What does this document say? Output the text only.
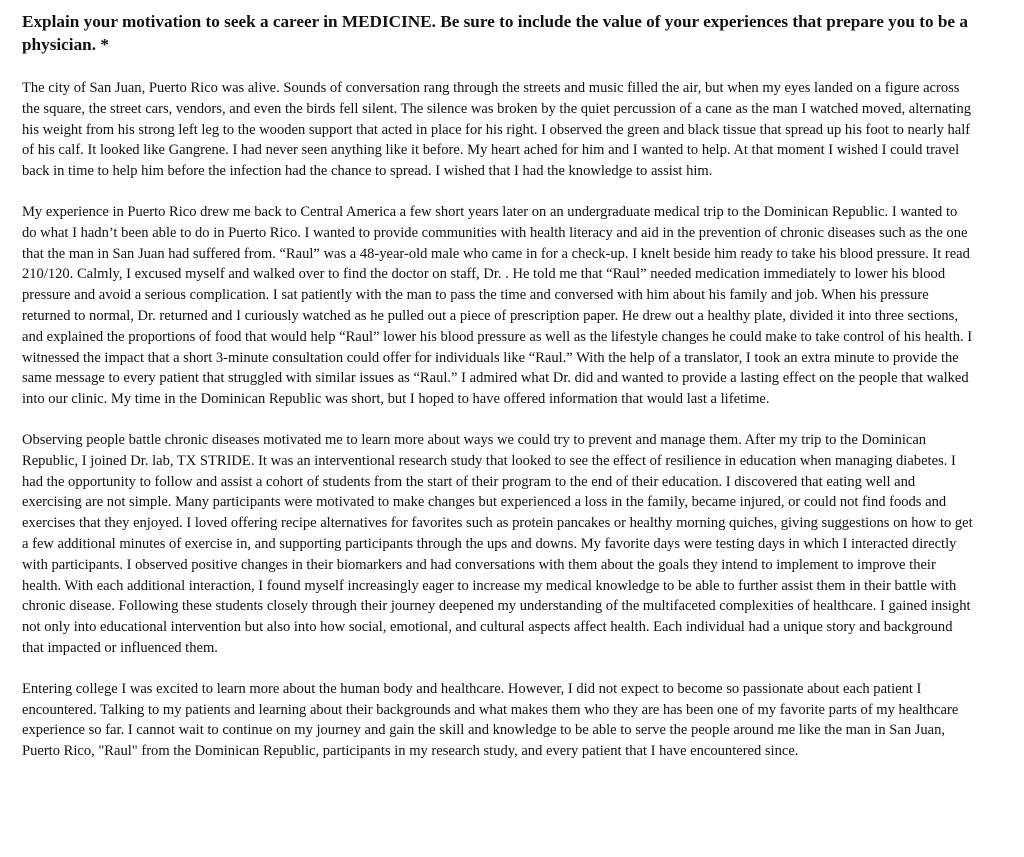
Explain your motivation to seek a career in MEDICINE. Be sure to include the value of your experiences that prepare you to be a physician. *

The city of San Juan, Puerto Rico was alive. Sounds of conversation rang through the streets and music filled the air, but when my eyes landed on a figure across the square, the street cars, vendors, and even the birds fell silent. The silence was broken by the quiet percussion of a cane as the man I watched moved, alternating his weight from his strong left leg to the wooden support that acted in place for his right. I observed the green and black tissue that spread up his foot to nearly half of his calf. It looked like Gangrene. I had never seen anything like it before. My heart ached for him and I wanted to help. At that moment I wished I could travel back in time to help him before the infection had the chance to spread. I wished that I had the knowledge to assist him.

My experience in Puerto Rico drew me back to Central America a few short years later on an undergraduate medical trip to the Dominican Republic. I wanted to do what I hadn’t been able to do in Puerto Rico. I wanted to provide communities with health literacy and aid in the prevention of chronic diseases such as the one that the man in San Juan had suffered from. “Raul” was a 48-year-old male who came in for a check-up. I knelt beside him ready to take his blood pressure. It read 210/120. Calmly, I excused myself and walked over to find the doctor on staff, Dr. . He told me that “Raul” needed medication immediately to lower his blood pressure and avoid a serious complication. I sat patiently with the man to pass the time and conversed with him about his family and job. When his pressure returned to normal, Dr. returned and I curiously watched as he pulled out a piece of prescription paper. He drew out a healthy plate, divided it into three sections, and explained the proportions of food that would help “Raul” lower his blood pressure as well as the lifestyle changes he could make to take control of his health. I witnessed the impact that a short 3-minute consultation could offer for individuals like “Raul.” With the help of a translator, I took an extra minute to provide the same message to every patient that struggled with similar issues as “Raul.” I admired what Dr. did and wanted to provide a lasting effect on the people that walked into our clinic. My time in the Dominican Republic was short, but I hoped to have offered information that would last a lifetime.

Observing people battle chronic diseases motivated me to learn more about ways we could try to prevent and manage them. After my trip to the Dominican Republic, I joined Dr. lab, TX STRIDE. It was an interventional research study that looked to see the effect of resilience in education when managing diabetes. I had the opportunity to follow and assist a cohort of students from the start of their program to the end of their education. I discovered that eating well and exercising are not simple. Many participants were motivated to make changes but experienced a loss in the family, became injured, or could not find foods and exercises that they enjoyed. I loved offering recipe alternatives for favorites such as protein pancakes or healthy morning quiches, giving suggestions on how to get a few additional minutes of exercise in, and supporting participants through the ups and downs. My favorite days were testing days in which I interacted directly with participants. I observed positive changes in their biomarkers and had conversations with them about the goals they intend to implement to improve their health. With each additional interaction, I found myself increasingly eager to increase my medical knowledge to be able to further assist them in their battle with chronic disease. Following these students closely through their journey deepened my understanding of the multifaceted complexities of healthcare. I gained insight not only into educational intervention but also into how social, emotional, and cultural aspects affect health. Each individual had a unique story and background that impacted or influenced them.

Entering college I was excited to learn more about the human body and healthcare. However, I did not expect to become so passionate about each patient I encountered. Talking to my patients and learning about their backgrounds and what makes them who they are has been one of my favorite parts of my healthcare experience so far. I cannot wait to continue on my journey and gain the skill and knowledge to be able to serve the people around me like the man in San Juan, Puerto Rico, "Raul" from the Dominican Republic, participants in my research study, and every patient that I have encountered since.
